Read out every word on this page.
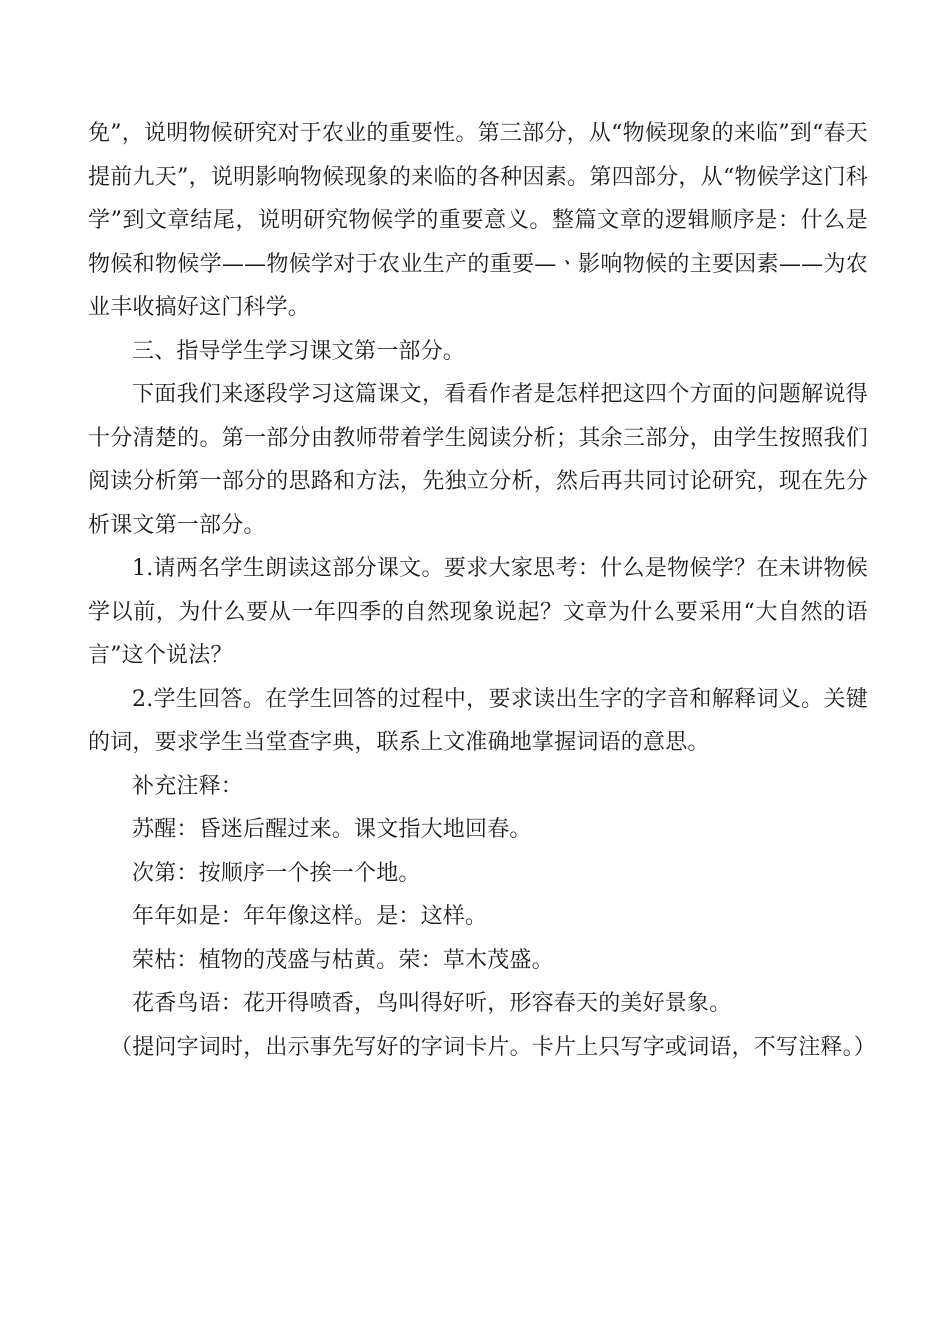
免”，说明物候研究对于农业的重要性。第三部分，从“物候现象的来临”到“春天提前九天”，说明影响物候现象的来临的各种因素。第四部分，从“物候学这门科学”到文章结尾，说明研究物候学的重要意义。整篇文章的逻辑顺序是：什么是物候和物候学——物候学对于农业生产的重要—ㆍ影响物候的主要因素——为农业丰收搞好这门科学。

三、指导学生学习课文第一部分。

下面我们来逐段学习这篇课文，看看作者是怎样把这四个方面的问题解说得十分清楚的。第一部分由教师带着学生阅读分析；其余三部分，由学生按照我们阅读分析第一部分的思路和方法，先独立分析，然后再共同讨论研究，现在先分析课文第一部分。

1.请两名学生朗读这部分课文。要求大家思考：什么是物候学？在未讲物候学以前，为什么要从一年四季的自然现象说起？文章为什么要采用“大自然的语言”这个说法？

2.学生回答。在学生回答的过程中，要求读出生字的字音和解释词义。关键的词，要求学生当堂查字典，联系上文准确地掌握词语的意思。

补充注释：

苏醒：昏迷后醒过来。课文指大地回春。

次第：按顺序一个挨一个地。

年年如是：年年像这样。是：这样。

荣枯：植物的茂盛与枯黄。荣：草木茂盛。

花香鸟语：花开得喷香，鸟叫得好听，形容春天的美好景象。

（提问字词时，出示事先写好的字词卡片。卡片上只写字或词语，不写注释。）
